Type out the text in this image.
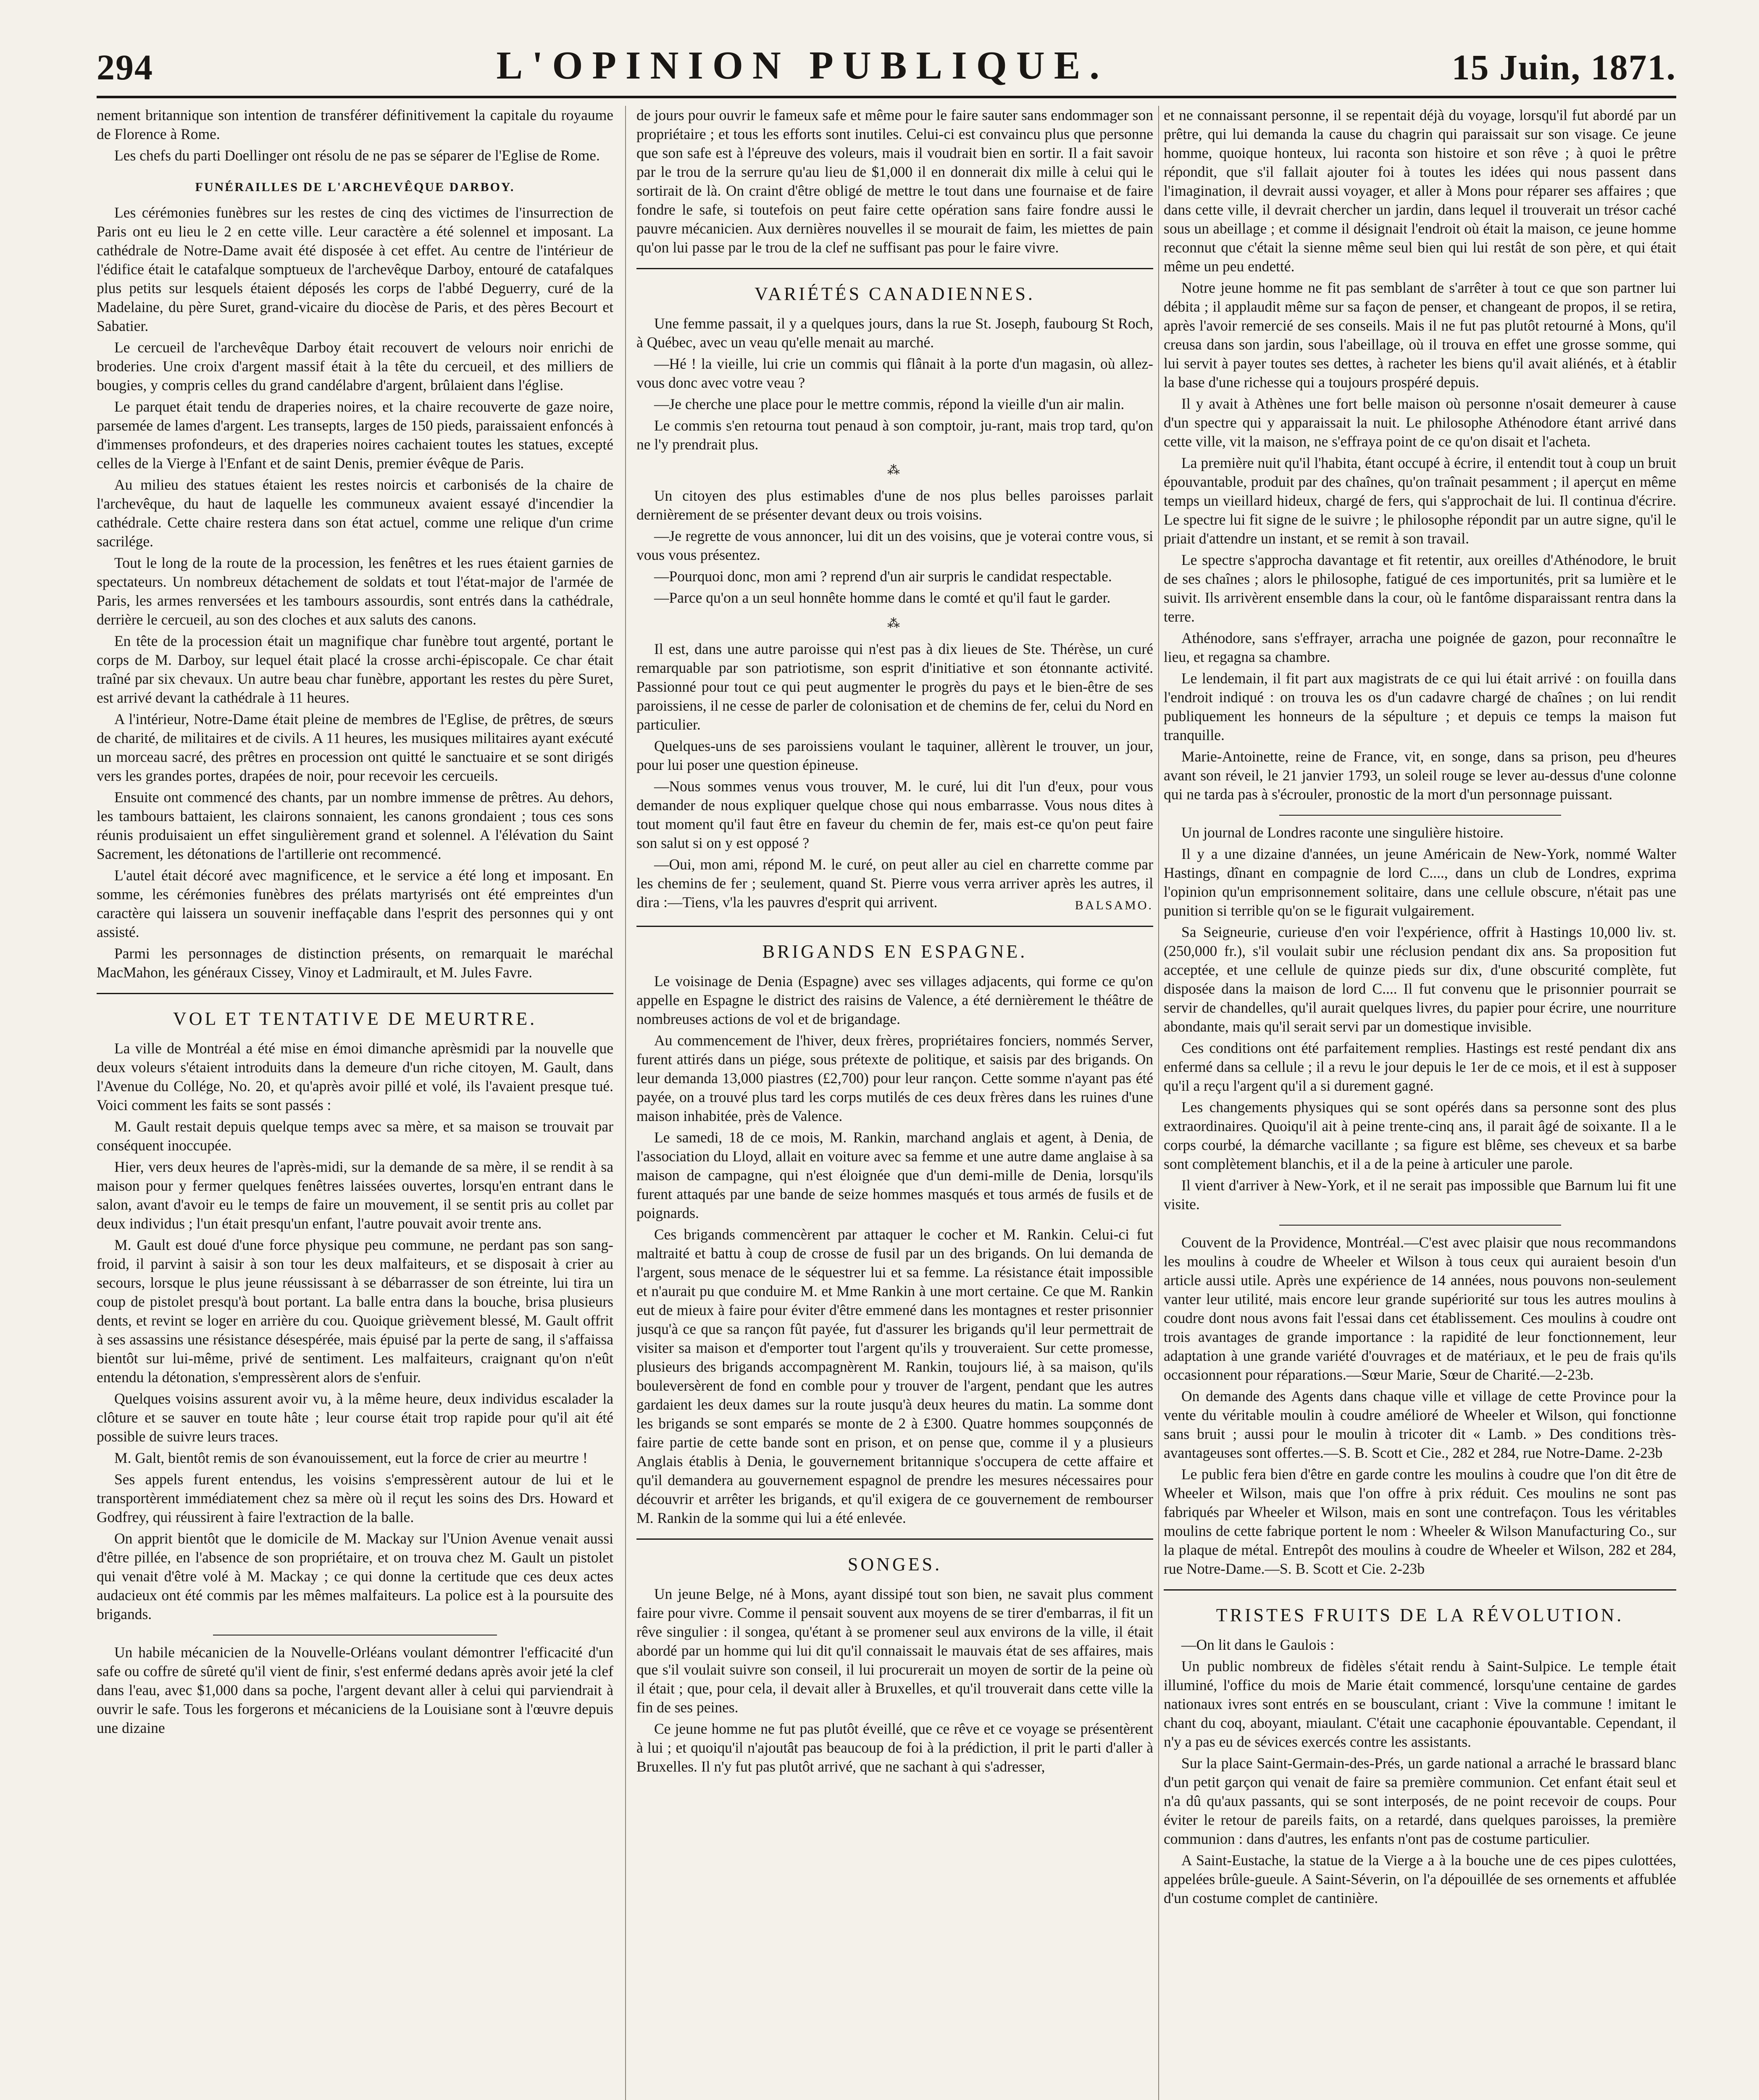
294	L'OPINION PUBLIQUE.	15 Juin, 1871.

nement britannique son intention de transférer définitivement la capitale du royaume de Florence à Rome.

Les chefs du parti Doellinger ont résolu de ne pas se séparer de l'Eglise de Rome.

FUNÉRAILLES DE L'ARCHEVÊQUE DARBOY.

Les cérémonies funèbres sur les restes de cinq des victimes de l'insurrection de Paris ont eu lieu le 2 en cette ville. Leur caractère a été solennel et imposant. La cathédrale de Notre-Dame avait été disposée à cet effet. Au centre de l'intérieur de l'édifice était le catafalque somptueux de l'archevêque Darboy, entouré de catafalques plus petits sur lesquels étaient déposés les corps de l'abbé Deguerry, curé de la Madelaine, du père Suret, grand-vicaire du diocèse de Paris, et des pères Becourt et Sabatier.

Le cercueil de l'archevêque Darboy était recouvert de velours noir enrichi de broderies. Une croix d'argent massif était à la tête du cercueil, et des milliers de bougies, y compris celles du grand candélabre d'argent, brûlaient dans l'église.

Le parquet était tendu de draperies noires, et la chaire recouverte de gaze noire, parsemée de lames d'argent. Les transepts, larges de 150 pieds, paraissaient enfoncés à d'immenses profondeurs, et des draperies noires cachaient toutes les statues, excepté celles de la Vierge à l'Enfant et de saint Denis, premier évêque de Paris.

Au milieu des statues étaient les restes noircis et carbonisés de la chaire de l'archevêque, du haut de laquelle les communeux avaient essayé d'incendier la cathédrale. Cette chaire restera dans son état actuel, comme une relique d'un crime sacrilége.

Tout le long de la route de la procession, les fenêtres et les rues étaient garnies de spectateurs. Un nombreux détachement de soldats et tout l'état-major de l'armée de Paris, les armes renversées et les tambours assourdis, sont entrés dans la cathédrale, derrière le cercueil, au son des cloches et aux saluts des canons.

En tête de la procession était un magnifique char funèbre tout argenté, portant le corps de M. Darboy, sur lequel était placé la crosse archi-épiscopale. Ce char était traîné par six chevaux. Un autre beau char funèbre, apportant les restes du père Suret, est arrivé devant la cathédrale à 11 heures.

A l'intérieur, Notre-Dame était pleine de membres de l'Eglise, de prêtres, de sœurs de charité, de militaires et de civils. A 11 heures, les musiques militaires ayant exécuté un morceau sacré, des prêtres en procession ont quitté le sanctuaire et se sont dirigés vers les grandes portes, drapées de noir, pour recevoir les cercueils.

Ensuite ont commencé des chants, par un nombre immense de prêtres. Au dehors, les tambours battaient, les clairons sonnaient, les canons grondaient ; tous ces sons réunis produisaient un effet singulièrement grand et solennel. A l'élévation du Saint Sacrement, les détonations de l'artillerie ont recommencé.

L'autel était décoré avec magnificence, et le service a été long et imposant. En somme, les cérémonies funèbres des prélats martyrisés ont été empreintes d'un caractère qui laissera un souvenir ineffaçable dans l'esprit des personnes qui y ont assisté.

Parmi les personnages de distinction présents, on remarquait le maréchal MacMahon, les généraux Cissey, Vinoy et Ladmirault, et M. Jules Favre.

VOL ET TENTATIVE DE MEURTRE.

La ville de Montréal a été mise en émoi dimanche aprèsmidi par la nouvelle que deux voleurs s'étaient introduits dans la demeure d'un riche citoyen, M. Gault, dans l'Avenue du Collége, No. 20, et qu'après avoir pillé et volé, ils l'avaient presque tué. Voici comment les faits se sont passés :

M. Gault restait depuis quelque temps avec sa mère, et sa maison se trouvait par conséquent inoccupée.

Hier, vers deux heures de l'après-midi, sur la demande de sa mère, il se rendit à sa maison pour y fermer quelques fenêtres laissées ouvertes, lorsqu'en entrant dans le salon, avant d'avoir eu le temps de faire un mouvement, il se sentit pris au collet par deux individus ; l'un était presqu'un enfant, l'autre pouvait avoir trente ans.

M. Gault est doué d'une force physique peu commune, ne perdant pas son sang-froid, il parvint à saisir à son tour les deux malfaiteurs, et se disposait à crier au secours, lorsque le plus jeune réussissant à se débarrasser de son étreinte, lui tira un coup de pistolet presqu'à bout portant. La balle entra dans la bouche, brisa plusieurs dents, et revint se loger en arrière du cou. Quoique grièvement blessé, M. Gault offrit à ses assassins une résistance désespérée, mais épuisé par la perte de sang, il s'affaissa bientôt sur lui-même, privé de sentiment. Les malfaiteurs, craignant qu'on n'eût entendu la détonation, s'empressèrent alors de s'enfuir.

Quelques voisins assurent avoir vu, à la même heure, deux individus escalader la clôture et se sauver en toute hâte ; leur course était trop rapide pour qu'il ait été possible de suivre leurs traces.

M. Galt, bientôt remis de son évanouissement, eut la force de crier au meurtre !

Ses appels furent entendus, les voisins s'empressèrent autour de lui et le transportèrent immédiatement chez sa mère où il reçut les soins des Drs. Howard et Godfrey, qui réussirent à faire l'extraction de la balle.

On apprit bientôt que le domicile de M. Mackay sur l'Union Avenue venait aussi d'être pillée, en l'absence de son propriétaire, et on trouva chez M. Gault un pistolet qui venait d'être volé à M. Mackay ; ce qui donne la certitude que ces deux actes audacieux ont été commis par les mêmes malfaiteurs. La police est à la poursuite des brigands.

Un habile mécanicien de la Nouvelle-Orléans voulant démontrer l'efficacité d'un safe ou coffre de sûreté qu'il vient de finir, s'est enfermé dedans après avoir jeté la clef dans l'eau, avec $1,000 dans sa poche, l'argent devant aller à celui qui parviendrait à ouvrir le safe. Tous les forgerons et mécaniciens de la Louisiane sont à l'œuvre depuis une dizaine

de jours pour ouvrir le fameux safe et même pour le faire sauter sans endommager son propriétaire ; et tous les efforts sont inutiles. Celui-ci est convaincu plus que personne que son safe est à l'épreuve des voleurs, mais il voudrait bien en sortir. Il a fait savoir par le trou de la serrure qu'au lieu de $1,000 il en donnerait dix mille à celui qui le sortirait de là. On craint d'être obligé de mettre le tout dans une fournaise et de faire fondre le safe, si toutefois on peut faire cette opération sans faire fondre aussi le pauvre mécanicien. Aux dernières nouvelles il se mourait de faim, les miettes de pain qu'on lui passe par le trou de la clef ne suffisant pas pour le faire vivre.

VARIÉTÉS CANADIENNES.

Une femme passait, il y a quelques jours, dans la rue St. Joseph, faubourg St Roch, à Québec, avec un veau qu'elle menait au marché.

—Hé ! la vieille, lui crie un commis qui flânait à la porte d'un magasin, où allez-vous donc avec votre veau ?

—Je cherche une place pour le mettre commis, répond la vieille d'un air malin.

Le commis s'en retourna tout penaud à son comptoir, ju-rant, mais trop tard, qu'on ne l'y prendrait plus.

⁂

Un citoyen des plus estimables d'une de nos plus belles paroisses parlait dernièrement de se présenter devant deux ou trois voisins.

—Je regrette de vous annoncer, lui dit un des voisins, que je voterai contre vous, si vous vous présentez.

—Pourquoi donc, mon ami ? reprend d'un air surpris le candidat respectable.

—Parce qu'on a un seul honnête homme dans le comté et qu'il faut le garder.

⁂

Il est, dans une autre paroisse qui n'est pas à dix lieues de Ste. Thérèse, un curé remarquable par son patriotisme, son esprit d'initiative et son étonnante activité. Passionné pour tout ce qui peut augmenter le progrès du pays et le bien-être de ses paroissiens, il ne cesse de parler de colonisation et de chemins de fer, celui du Nord en particulier.

Quelques-uns de ses paroissiens voulant le taquiner, allèrent le trouver, un jour, pour lui poser une question épineuse.

—Nous sommes venus vous trouver, M. le curé, lui dit l'un d'eux, pour vous demander de nous expliquer quelque chose qui nous embarrasse. Vous nous dites à tout moment qu'il faut être en faveur du chemin de fer, mais est-ce qu'on peut faire son salut si on y est opposé ?

—Oui, mon ami, répond M. le curé, on peut aller au ciel en charrette comme par les chemins de fer ; seulement, quand St. Pierre vous verra arriver après les autres, il dira :—Tiens, v'la les pauvres d'esprit qui arrivent.	BALSAMO.
BRIGANDS EN ESPAGNE.

Le voisinage de Denia (Espagne) avec ses villages adjacents, qui forme ce qu'on appelle en Espagne le district des raisins de Valence, a été dernièrement le théâtre de nombreuses actions de vol et de brigandage.

Au commencement de l'hiver, deux frères, propriétaires fonciers, nommés Server, furent attirés dans un piége, sous prétexte de politique, et saisis par des brigands. On leur demanda 13,000 piastres (£2,700) pour leur rançon. Cette somme n'ayant pas été payée, on a trouvé plus tard les corps mutilés de ces deux frères dans les ruines d'une maison inhabitée, près de Valence.

Le samedi, 18 de ce mois, M. Rankin, marchand anglais et agent, à Denia, de l'association du Lloyd, allait en voiture avec sa femme et une autre dame anglaise à sa maison de campagne, qui n'est éloignée que d'un demi-mille de Denia, lorsqu'ils furent attaqués par une bande de seize hommes masqués et tous armés de fusils et de poignards.

Ces brigands commencèrent par attaquer le cocher et M. Rankin. Celui-ci fut maltraité et battu à coup de crosse de fusil par un des brigands. On lui demanda de l'argent, sous menace de le séquestrer lui et sa femme. La résistance était impossible et n'aurait pu que conduire M. et Mme Rankin à une mort certaine. Ce que M. Rankin eut de mieux à faire pour éviter d'être emmené dans les montagnes et rester prisonnier jusqu'à ce que sa rançon fût payée, fut d'assurer les brigands qu'il leur permettrait de visiter sa maison et d'emporter tout l'argent qu'ils y trouveraient. Sur cette promesse, plusieurs des brigands accompagnèrent M. Rankin, toujours lié, à sa maison, qu'ils bouleversèrent de fond en comble pour y trouver de l'argent, pendant que les autres gardaient les deux dames sur la route jusqu'à deux heures du matin. La somme dont les brigands se sont emparés se monte de 2 à £300. Quatre hommes soupçonnés de faire partie de cette bande sont en prison, et on pense que, comme il y a plusieurs Anglais établis à Denia, le gouvernement britannique s'occupera de cette affaire et qu'il demandera au gouvernement espagnol de prendre les mesures nécessaires pour découvrir et arrêter les brigands, et qu'il exigera de ce gouvernement de rembourser M. Rankin de la somme qui lui a été enlevée.

SONGES.

Un jeune Belge, né à Mons, ayant dissipé tout son bien, ne savait plus comment faire pour vivre. Comme il pensait souvent aux moyens de se tirer d'embarras, il fit un rêve singulier : il songea, qu'étant à se promener seul aux environs de la ville, il était abordé par un homme qui lui dit qu'il connaissait le mauvais état de ses affaires, mais que s'il voulait suivre son conseil, il lui procurerait un moyen de sortir de la peine où il était ; que, pour cela, il devait aller à Bruxelles, et qu'il trouverait dans cette ville la fin de ses peines.

Ce jeune homme ne fut pas plutôt éveillé, que ce rêve et ce voyage se présentèrent à lui ; et quoiqu'il n'ajoutât pas beaucoup de foi à la prédiction, il prit le parti d'aller à Bruxelles. Il n'y fut pas plutôt arrivé, que ne sachant à qui s'adresser,

et ne connaissant personne, il se repentait déjà du voyage, lorsqu'il fut abordé par un prêtre, qui lui demanda la cause du chagrin qui paraissait sur son visage. Ce jeune homme, quoique honteux, lui raconta son histoire et son rêve ; à quoi le prêtre répondit, que s'il fallait ajouter foi à toutes les idées qui nous passent dans l'imagination, il devrait aussi voyager, et aller à Mons pour réparer ses affaires ; que dans cette ville, il devrait chercher un jardin, dans lequel il trouverait un trésor caché sous un abeillage ; et comme il désignait l'endroit où était la maison, ce jeune homme reconnut que c'était la sienne même seul bien qui lui restât de son père, et qui était même un peu endetté.

Notre jeune homme ne fit pas semblant de s'arrêter à tout ce que son partner lui débita ; il applaudit même sur sa façon de penser, et changeant de propos, il se retira, après l'avoir remercié de ses conseils. Mais il ne fut pas plutôt retourné à Mons, qu'il creusa dans son jardin, sous l'abeillage, où il trouva en effet une grosse somme, qui lui servit à payer toutes ses dettes, à racheter les biens qu'il avait aliénés, et à établir la base d'une richesse qui a toujours prospéré depuis.

Il y avait à Athènes une fort belle maison où personne n'osait demeurer à cause d'un spectre qui y apparaissait la nuit. Le philosophe Athénodore étant arrivé dans cette ville, vit la maison, ne s'effraya point de ce qu'on disait et l'acheta.

La première nuit qu'il l'habita, étant occupé à écrire, il entendit tout à coup un bruit épouvantable, produit par des chaînes, qu'on traînait pesamment ; il aperçut en même temps un vieillard hideux, chargé de fers, qui s'approchait de lui. Il continua d'écrire. Le spectre lui fit signe de le suivre ; le philosophe répondit par un autre signe, qu'il le priait d'attendre un instant, et se remit à son travail.

Le spectre s'approcha davantage et fit retentir, aux oreilles d'Athénodore, le bruit de ses chaînes ; alors le philosophe, fatigué de ces importunités, prit sa lumière et le suivit. Ils arrivèrent ensemble dans la cour, où le fantôme disparaissant rentra dans la terre.

Athénodore, sans s'effrayer, arracha une poignée de gazon, pour reconnaître le lieu, et regagna sa chambre.

Le lendemain, il fit part aux magistrats de ce qui lui était arrivé : on fouilla dans l'endroit indiqué : on trouva les os d'un cadavre chargé de chaînes ; on lui rendit publiquement les honneurs de la sépulture ; et depuis ce temps la maison fut tranquille.

Marie-Antoinette, reine de France, vit, en songe, dans sa prison, peu d'heures avant son réveil, le 21 janvier 1793, un soleil rouge se lever au-dessus d'une colonne qui ne tarda pas à s'écrouler, pronostic de la mort d'un personnage puissant.

Un journal de Londres raconte une singulière histoire.

Il y a une dizaine d'années, un jeune Américain de New-York, nommé Walter Hastings, dînant en compagnie de lord C...., dans un club de Londres, exprima l'opinion qu'un emprisonnement solitaire, dans une cellule obscure, n'était pas une punition si terrible qu'on se le figurait vulgairement.

Sa Seigneurie, curieuse d'en voir l'expérience, offrit à Hastings 10,000 liv. st. (250,000 fr.), s'il voulait subir une réclusion pendant dix ans. Sa proposition fut acceptée, et une cellule de quinze pieds sur dix, d'une obscurité complète, fut disposée dans la maison de lord C.... Il fut convenu que le prisonnier pourrait se servir de chandelles, qu'il aurait quelques livres, du papier pour écrire, une nourriture abondante, mais qu'il serait servi par un domestique invisible.

Ces conditions ont été parfaitement remplies. Hastings est resté pendant dix ans enfermé dans sa cellule ; il a revu le jour depuis le 1er de ce mois, et il est à supposer qu'il a reçu l'argent qu'il a si durement gagné.

Les changements physiques qui se sont opérés dans sa personne sont des plus extraordinaires. Quoiqu'il ait à peine trente-cinq ans, il parait âgé de soixante. Il a le corps courbé, la démarche vacillante ; sa figure est blême, ses cheveux et sa barbe sont complètement blanchis, et il a de la peine à articuler une parole.

Il vient d'arriver à New-York, et il ne serait pas impossible que Barnum lui fit une visite.

Couvent de la Providence, Montréal.—C'est avec plaisir que nous recommandons les moulins à coudre de Wheeler et Wilson à tous ceux qui auraient besoin d'un article aussi utile. Après une expérience de 14 années, nous pouvons non-seulement vanter leur utilité, mais encore leur grande supériorité sur tous les autres moulins à coudre dont nous avons fait l'essai dans cet établissement. Ces moulins à coudre ont trois avantages de grande importance : la rapidité de leur fonctionnement, leur adaptation à une grande variété d'ouvrages et de matériaux, et le peu de frais qu'ils occasionnent pour réparations.—Sœur Marie, Sœur de Charité.—2-23b.

On demande des Agents dans chaque ville et village de cette Province pour la vente du véritable moulin à coudre amélioré de Wheeler et Wilson, qui fonctionne sans bruit ; aussi pour le moulin à tricoter dit « Lamb. » Des conditions très-avantageuses sont offertes.—S. B. Scott et Cie., 282 et 284, rue Notre-Dame. 2-23b

Le public fera bien d'être en garde contre les moulins à coudre que l'on dit être de Wheeler et Wilson, mais que l'on offre à prix réduit. Ces moulins ne sont pas fabriqués par Wheeler et Wilson, mais en sont une contrefaçon. Tous les véritables moulins de cette fabrique portent le nom : Wheeler & Wilson Manufacturing Co., sur la plaque de métal. Entrepôt des moulins à coudre de Wheeler et Wilson, 282 et 284, rue Notre-Dame.—S. B. Scott et Cie. 2-23b

TRISTES FRUITS DE LA RÉVOLUTION.

—On lit dans le Gaulois :

Un public nombreux de fidèles s'était rendu à Saint-Sulpice. Le temple était illuminé, l'office du mois de Marie était commencé, lorsqu'une centaine de gardes nationaux ivres sont entrés en se bousculant, criant : Vive la commune ! imitant le chant du coq, aboyant, miaulant. C'était une cacaphonie épouvantable. Cependant, il n'y a pas eu de sévices exercés contre les assistants.

Sur la place Saint-Germain-des-Prés, un garde national a arraché le brassard blanc d'un petit garçon qui venait de faire sa première communion. Cet enfant était seul et n'a dû qu'aux passants, qui se sont interposés, de ne point recevoir de coups. Pour éviter le retour de pareils faits, on a retardé, dans quelques paroisses, la première communion : dans d'autres, les enfants n'ont pas de costume particulier.

A Saint-Eustache, la statue de la Vierge a à la bouche une de ces pipes culottées, appelées brûle-gueule. A Saint-Séverin, on l'a dépouillée de ses ornements et affublée d'un costume complet de cantinière.
